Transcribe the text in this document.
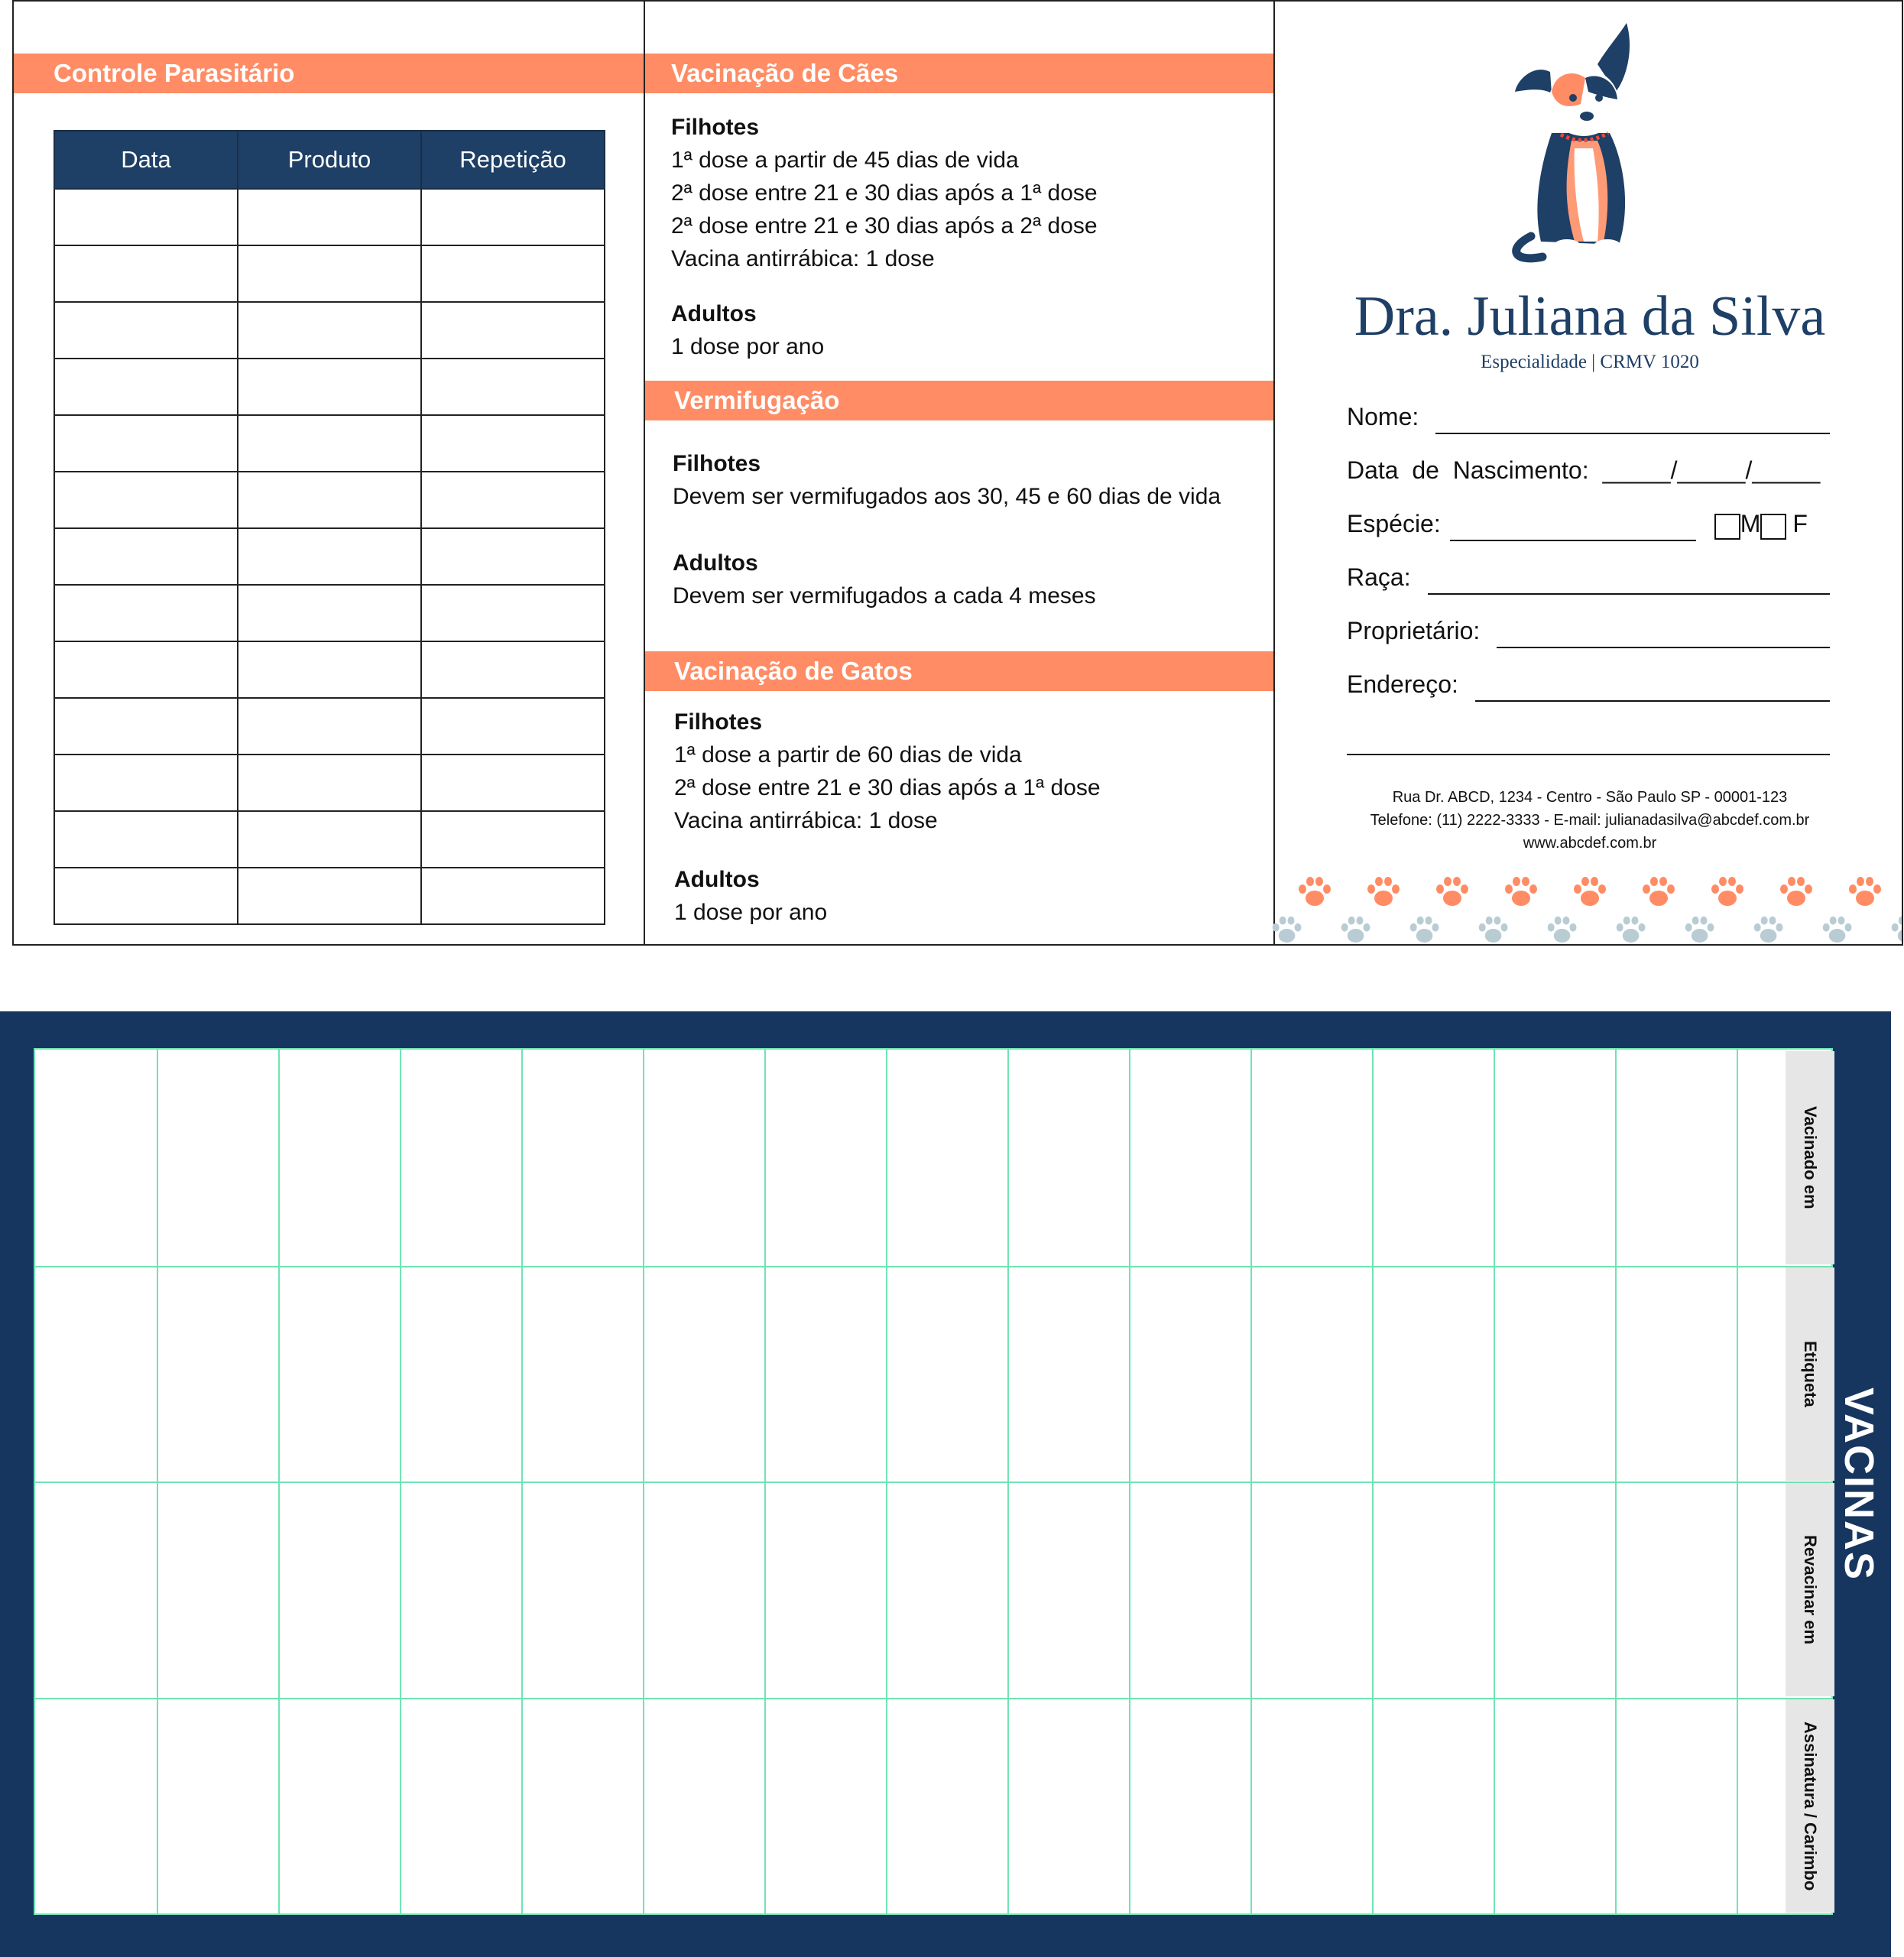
Controle Parasitário
Data	Produto	Repetição

Vacinação de Cães
Filhotes
1ª dose a partir de 45 dias de vida
2ª dose entre 21 e 30 dias após a 1ª dose
2ª dose entre 21 e 30 dias após a 2ª dose
Vacina antirrábica: 1 dose
Adultos
1 dose por ano
Vermifugação
Filhotes
Devem ser vermifugados aos 30, 45 e 60 dias de vida
Adultos
Devem ser vermifugados a cada 4 meses
Vacinação de Gatos
Filhotes
1ª dose a partir de 60 dias de vida
2ª dose entre 21 e 30 dias após a 1ª dose
Vacina antirrábica: 1 dose
Adultos
1 dose por ano
Dra. Juliana da Silva
Especialidade | CRMV 1020
Nome:
Data  de  Nascimento: _____/_____/_____
Espécie:	M F
Raça:
Proprietário:
Endereço:
Rua Dr. ABCD, 1234 - Centro - São Paulo SP - 00001-123
Telefone: (11) 2222-3333 - E-mail: julianadasilva@abcdef.com.br
www.abcdef.com.br
Vacinado em
Etiqueta
Revacinar em
Assinatura / Carimbo
VACINAS
